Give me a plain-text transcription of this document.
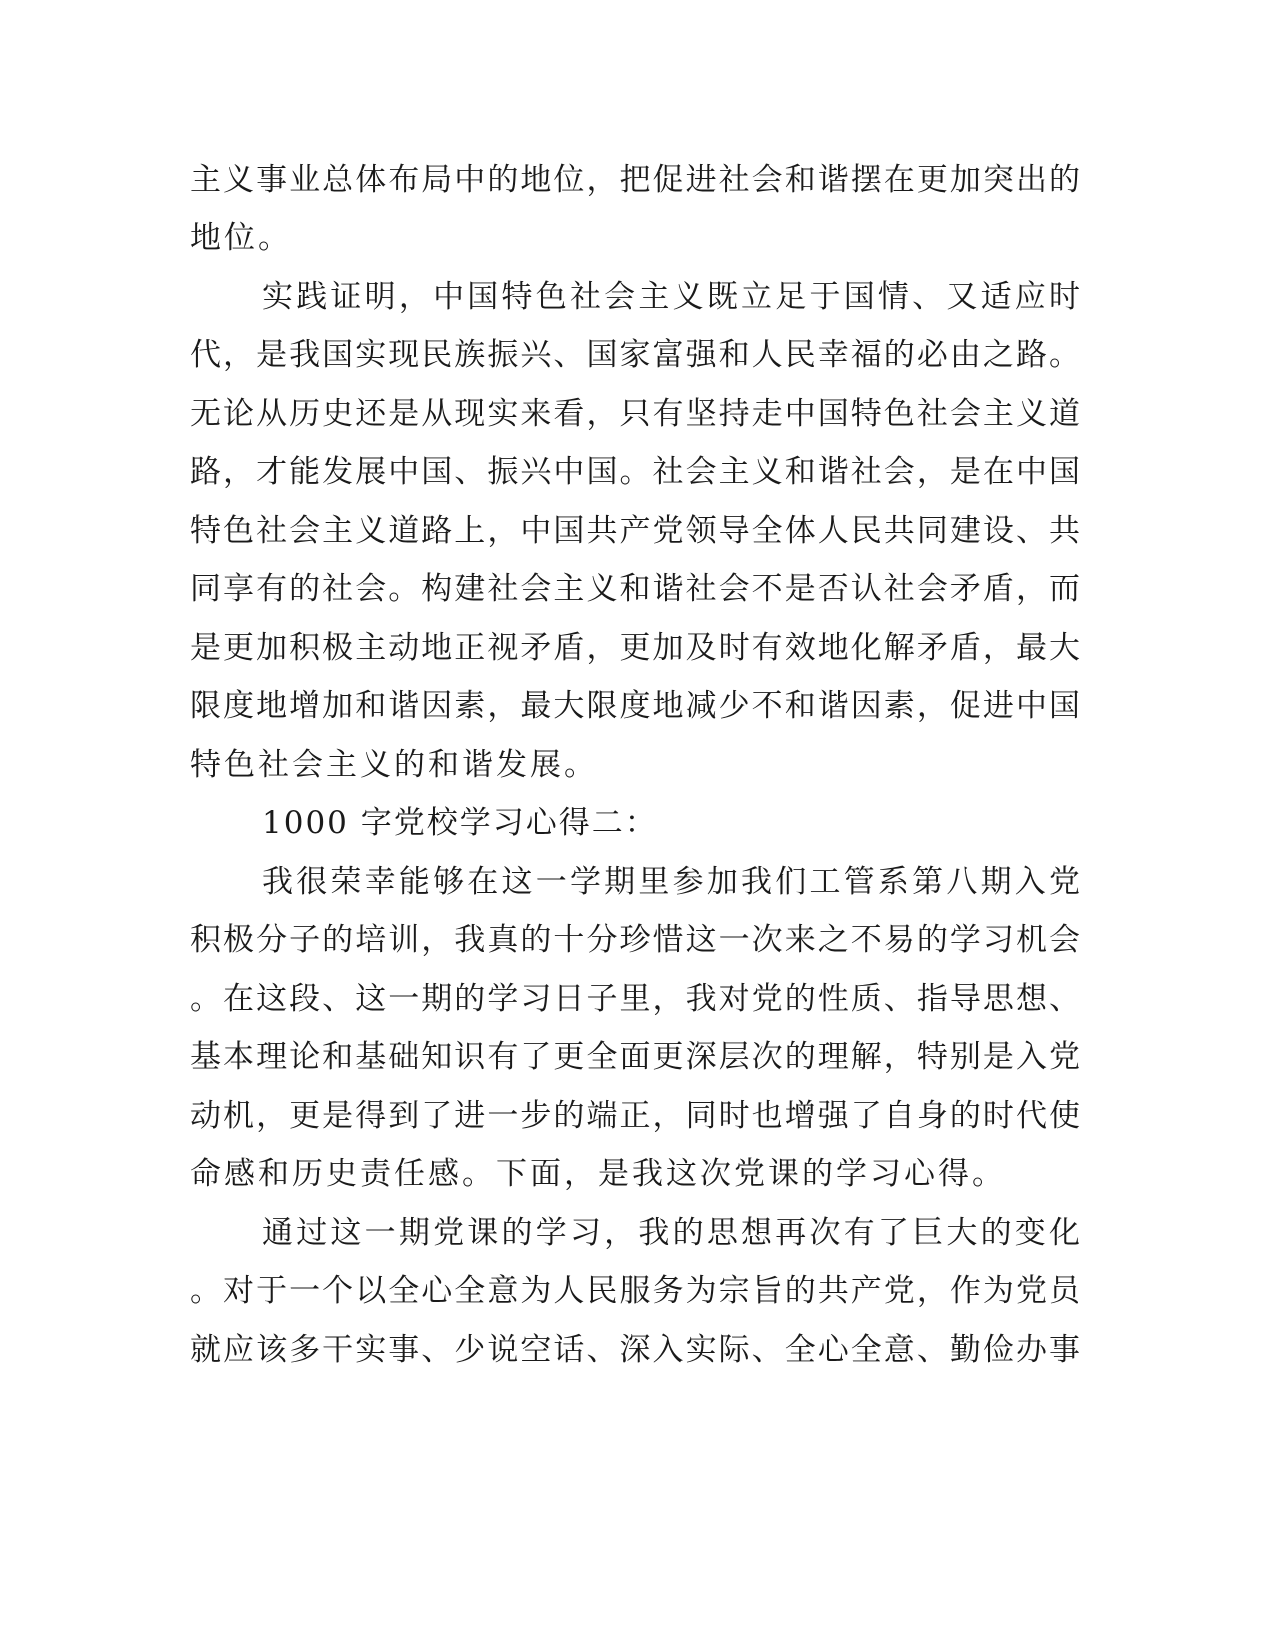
主义事业总体布局中的地位，把促进社会和谐摆在更加突出的
地位。
实践证明，中国特色社会主义既立足于国情、又适应时
代，是我国实现民族振兴、国家富强和人民幸福的必由之路。
无论从历史还是从现实来看，只有坚持走中国特色社会主义道
路，才能发展中国、振兴中国。社会主义和谐社会，是在中国
特色社会主义道路上，中国共产党领导全体人民共同建设、共
同享有的社会。构建社会主义和谐社会不是否认社会矛盾，而
是更加积极主动地正视矛盾，更加及时有效地化解矛盾，最大
限度地增加和谐因素，最大限度地减少不和谐因素，促进中国
特色社会主义的和谐发展。
1000 字党校学习心得二：
我很荣幸能够在这一学期里参加我们工管系第八期入党
积极分子的培训，我真的十分珍惜这一次来之不易的学习机会
。在这段、这一期的学习日子里，我对党的性质、指导思想、
基本理论和基础知识有了更全面更深层次的理解，特别是入党
动机，更是得到了进一步的端正，同时也增强了自身的时代使
命感和历史责任感。下面，是我这次党课的学习心得。
通过这一期党课的学习，我的思想再次有了巨大的变化
。对于一个以全心全意为人民服务为宗旨的共产党，作为党员
就应该多干实事、少说空话、深入实际、全心全意、勤俭办事
